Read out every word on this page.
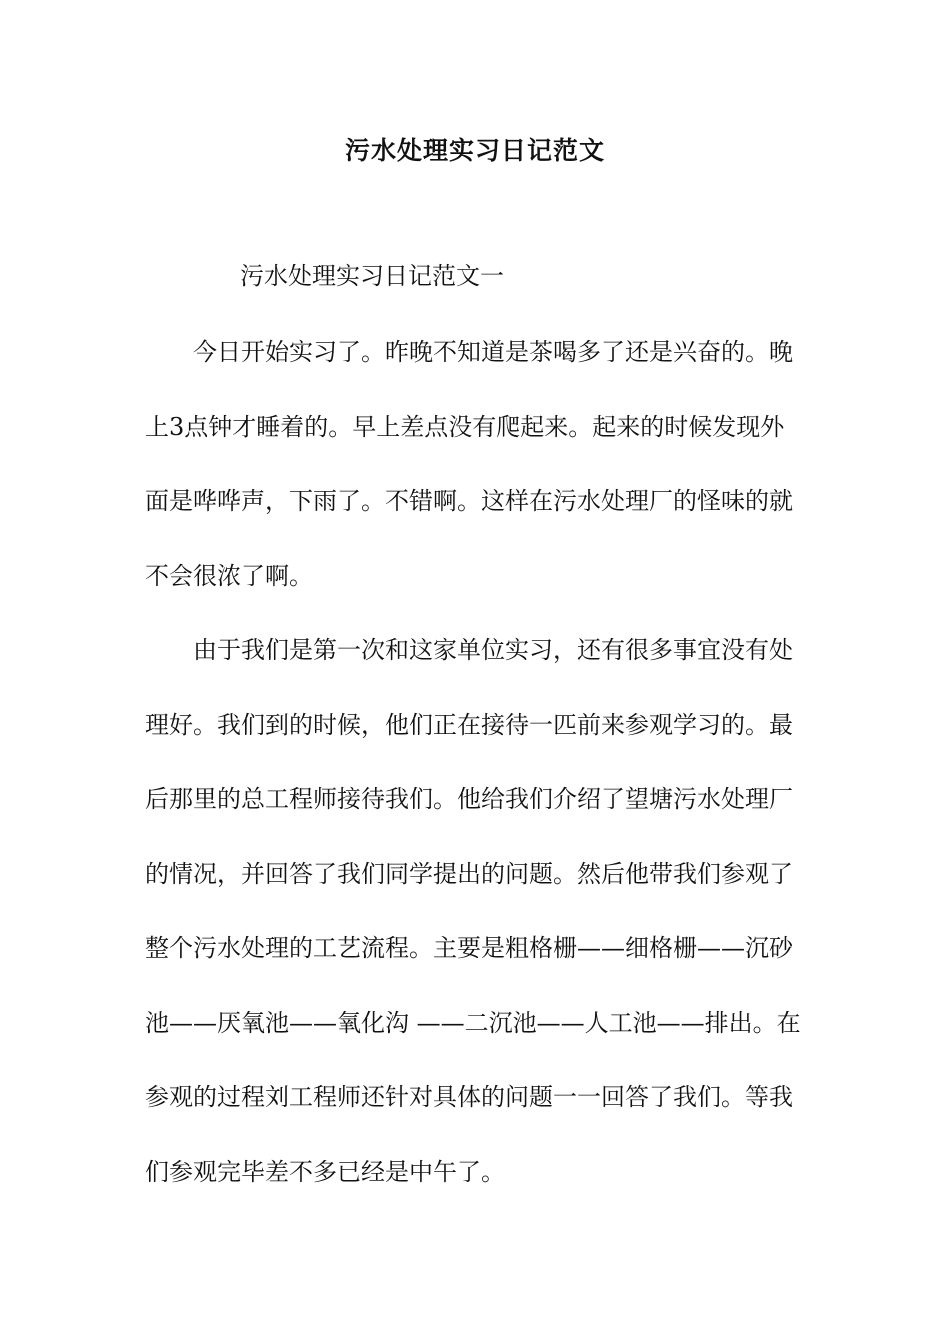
污水处理实习日记范文
污水处理实习日记范文一
今日开始实习了。昨晚不知道是茶喝多了还是兴奋的。晚
上3点钟才睡着的。早上差点没有爬起来。起来的时候发现外
面是哗哗声，下雨了。不错啊。这样在污水处理厂的怪味的就
不会很浓了啊。
由于我们是第一次和这家单位实习，还有很多事宜没有处
理好。我们到的时候，他们正在接待一匹前来参观学习的。最
后那里的总工程师接待我们。他给我们介绍了望塘污水处理厂
的情况，并回答了我们同学提出的问题。然后他带我们参观了
整个污水处理的工艺流程。主要是粗格栅——细格栅——沉砂
池——厌氧池——氧化沟 ——二沉池——人工池——排出。在
参观的过程刘工程师还针对具体的问题一一回答了我们。等我
们参观完毕差不多已经是中午了。
